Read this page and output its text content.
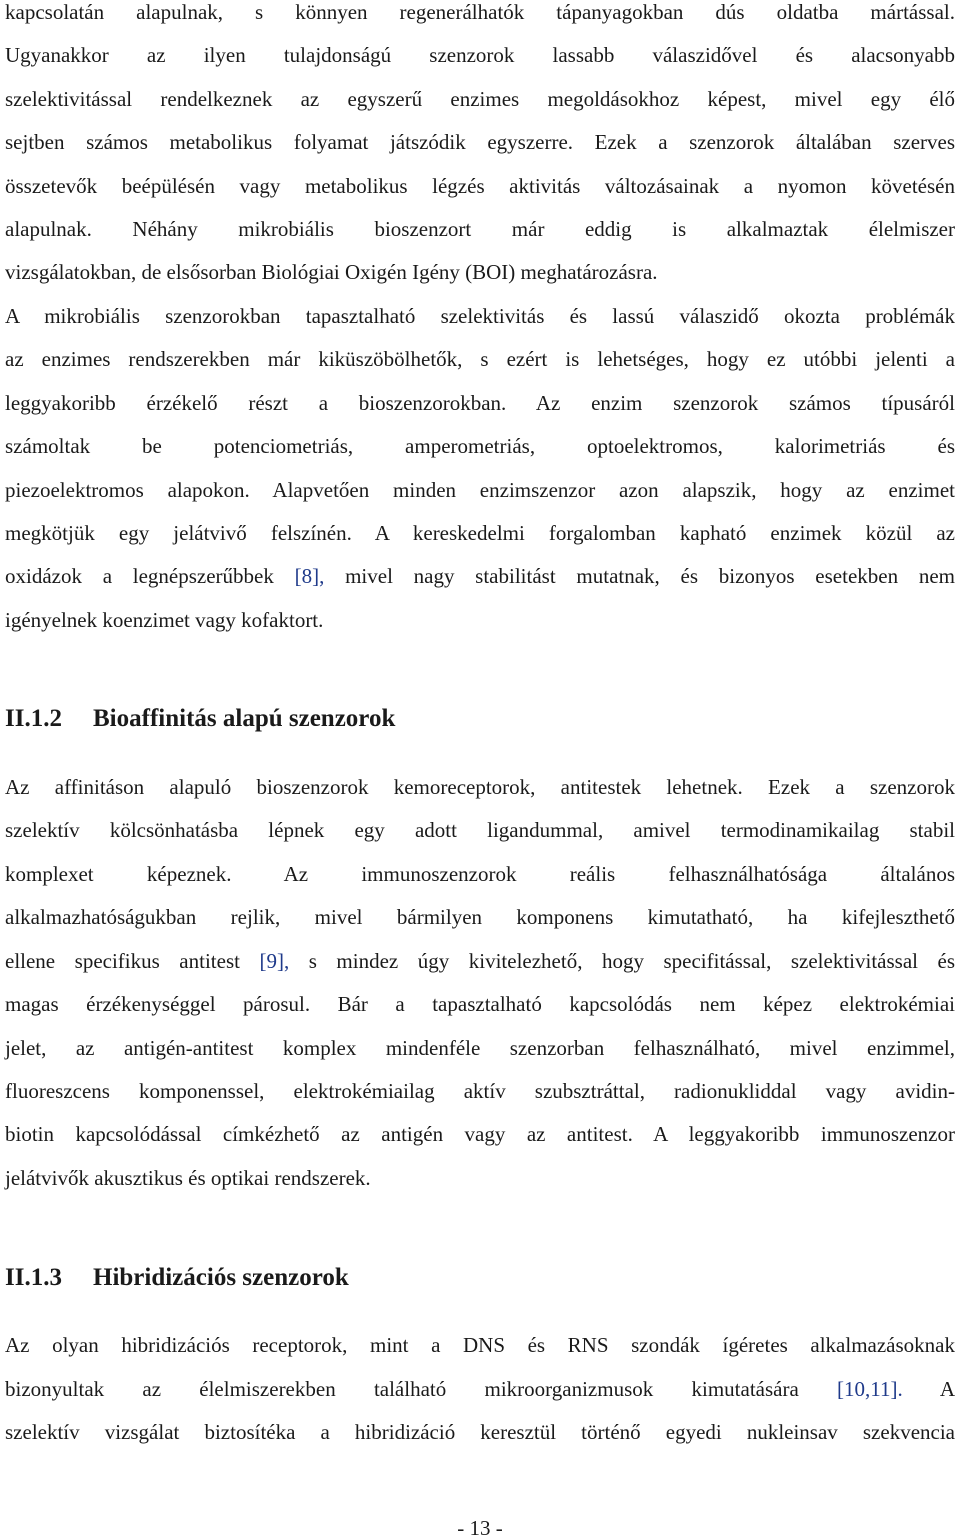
kapcsolatán alapulnak, s könnyen regenerálhatók tápanyagokban dús oldatba mártással.
Ugyanakkor az ilyen tulajdonságú szenzorok lassabb válaszidővel és alacsonyabb
szelektivitással rendelkeznek az egyszerű enzimes megoldásokhoz képest, mivel egy élő
sejtben számos metabolikus folyamat játszódik egyszerre. Ezek a szenzorok általában szerves
összetevők beépülésén vagy metabolikus légzés aktivitás változásainak a nyomon követésén
alapulnak. Néhány mikrobiális bioszenzort már eddig is alkalmaztak élelmiszer
vizsgálatokban, de elsősorban Biológiai Oxigén Igény (BOI) meghatározásra.
A mikrobiális szenzorokban tapasztalható szelektivitás és lassú válaszidő okozta problémák
az enzimes rendszerekben már kiküszöbölhetők, s ezért is lehetséges, hogy ez utóbbi jelenti a
leggyakoribb érzékelő részt a bioszenzorokban. Az enzim szenzorok számos típusáról
számoltak be potenciometriás, amperometriás, optoelektromos, kalorimetriás és
piezoelektromos alapokon. Alapvetően minden enzimszenzor azon alapszik, hogy az enzimet
megkötjük egy jelátvivő felszínén. A kereskedelmi forgalomban kapható enzimek közül az
oxidázok a legnépszerűbbek [8], mivel nagy stabilitást mutatnak, és bizonyos esetekben nem
igényelnek koenzimet vagy kofaktort.
II.1.2 Bioaffinitás alapú szenzorok
Az affinitáson alapuló bioszenzorok kemoreceptorok, antitestek lehetnek. Ezek a szenzorok
szelektív kölcsönhatásba lépnek egy adott ligandummal, amivel termodinamikailag stabil
komplexet képeznek. Az immunoszenzorok reális felhasználhatósága általános
alkalmazhatóságukban rejlik, mivel bármilyen komponens kimutatható, ha kifejleszthető
ellene specifikus antitest [9], s mindez úgy kivitelezhető, hogy specifitással, szelektivitással és
magas érzékenységgel párosul. Bár a tapasztalható kapcsolódás nem képez elektrokémiai
jelet, az antigén-antitest komplex mindenféle szenzorban felhasználható, mivel enzimmel,
fluoreszcens komponenssel, elektrokémiailag aktív szubsztráttal, radionukliddal vagy avidin-
biotin kapcsolódással címkézhető az antigén vagy az antitest. A leggyakoribb immunoszenzor
jelátvivők akusztikus és optikai rendszerek.
II.1.3 Hibridizációs szenzorok
Az olyan hibridizációs receptorok, mint a DNS és RNS szondák ígéretes alkalmazásoknak
bizonyultak az élelmiszerekben található mikroorganizmusok kimutatására [10,11]. A
szelektív vizsgálat biztosítéka a hibridizáció keresztül történő egyedi nukleinsav szekvencia
- 13 -
